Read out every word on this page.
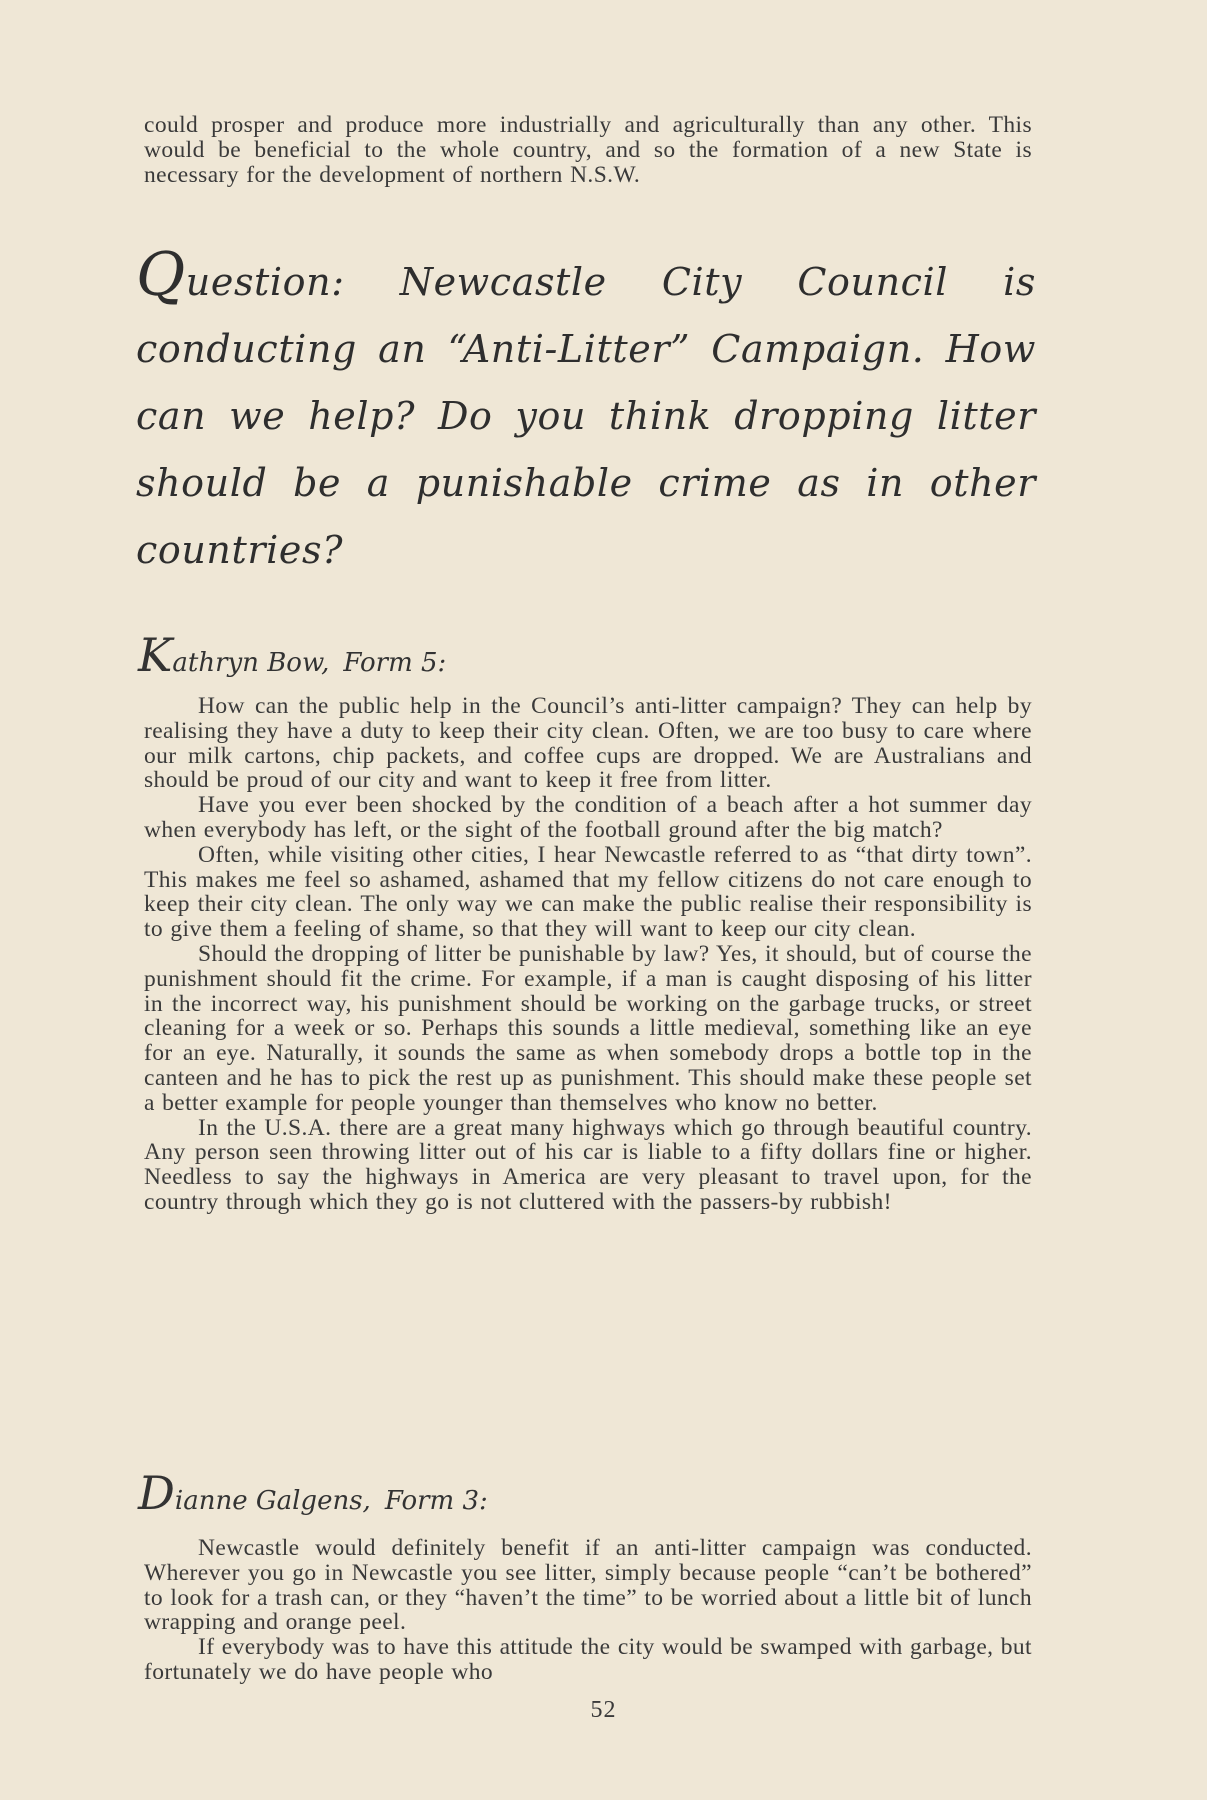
could prosper and produce more industrially and agriculturally than any other. This would be beneficial to the whole country, and so the formation of a new State is necessary for the development of northern N.S.W.

Question: Newcastle City Council is conducting an “Anti-Litter” Campaign. How can we help? Do you think dropping litter should be a punishable crime as in other countries?
Kathryn Bow, Form 5:

How can the public help in the Council’s anti-litter campaign? They can help by realising they have a duty to keep their city clean. Often, we are too busy to care where our milk cartons, chip packets, and coffee cups are dropped. We are Australians and should be proud of our city and want to keep it free from litter.

Have you ever been shocked by the condition of a beach after a hot summer day when everybody has left, or the sight of the football ground after the big match?

Often, while visiting other cities, I hear Newcastle referred to as “that dirty town”. This makes me feel so ashamed, ashamed that my fellow citizens do not care enough to keep their city clean. The only way we can make the public realise their responsibility is to give them a feeling of shame, so that they will want to keep our city clean.

Should the dropping of litter be punishable by law? Yes, it should, but of course the punishment should fit the crime. For example, if a man is caught disposing of his litter in the incorrect way, his punishment should be working on the garbage trucks, or street cleaning for a week or so. Perhaps this sounds a little medieval, something like an eye for an eye. Naturally, it sounds the same as when somebody drops a bottle top in the canteen and he has to pick the rest up as punishment. This should make these people set a better example for people younger than themselves who know no better.

In the U.S.A. there are a great many highways which go through beautiful country. Any person seen throwing litter out of his car is liable to a fifty dollars fine or higher. Needless to say the highways in America are very pleasant to travel upon, for the country through which they go is not cluttered with the passers-by rubbish!

Dianne Galgens, Form 3:

Newcastle would definitely benefit if an anti-litter campaign was conducted. Wherever you go in Newcastle you see litter, simply because people “can’t be bothered” to look for a trash can, or they “haven’t the time” to be worried about a little bit of lunch wrapping and orange peel.

If everybody was to have this attitude the city would be swamped with garbage, but fortunately we do have people who

52
